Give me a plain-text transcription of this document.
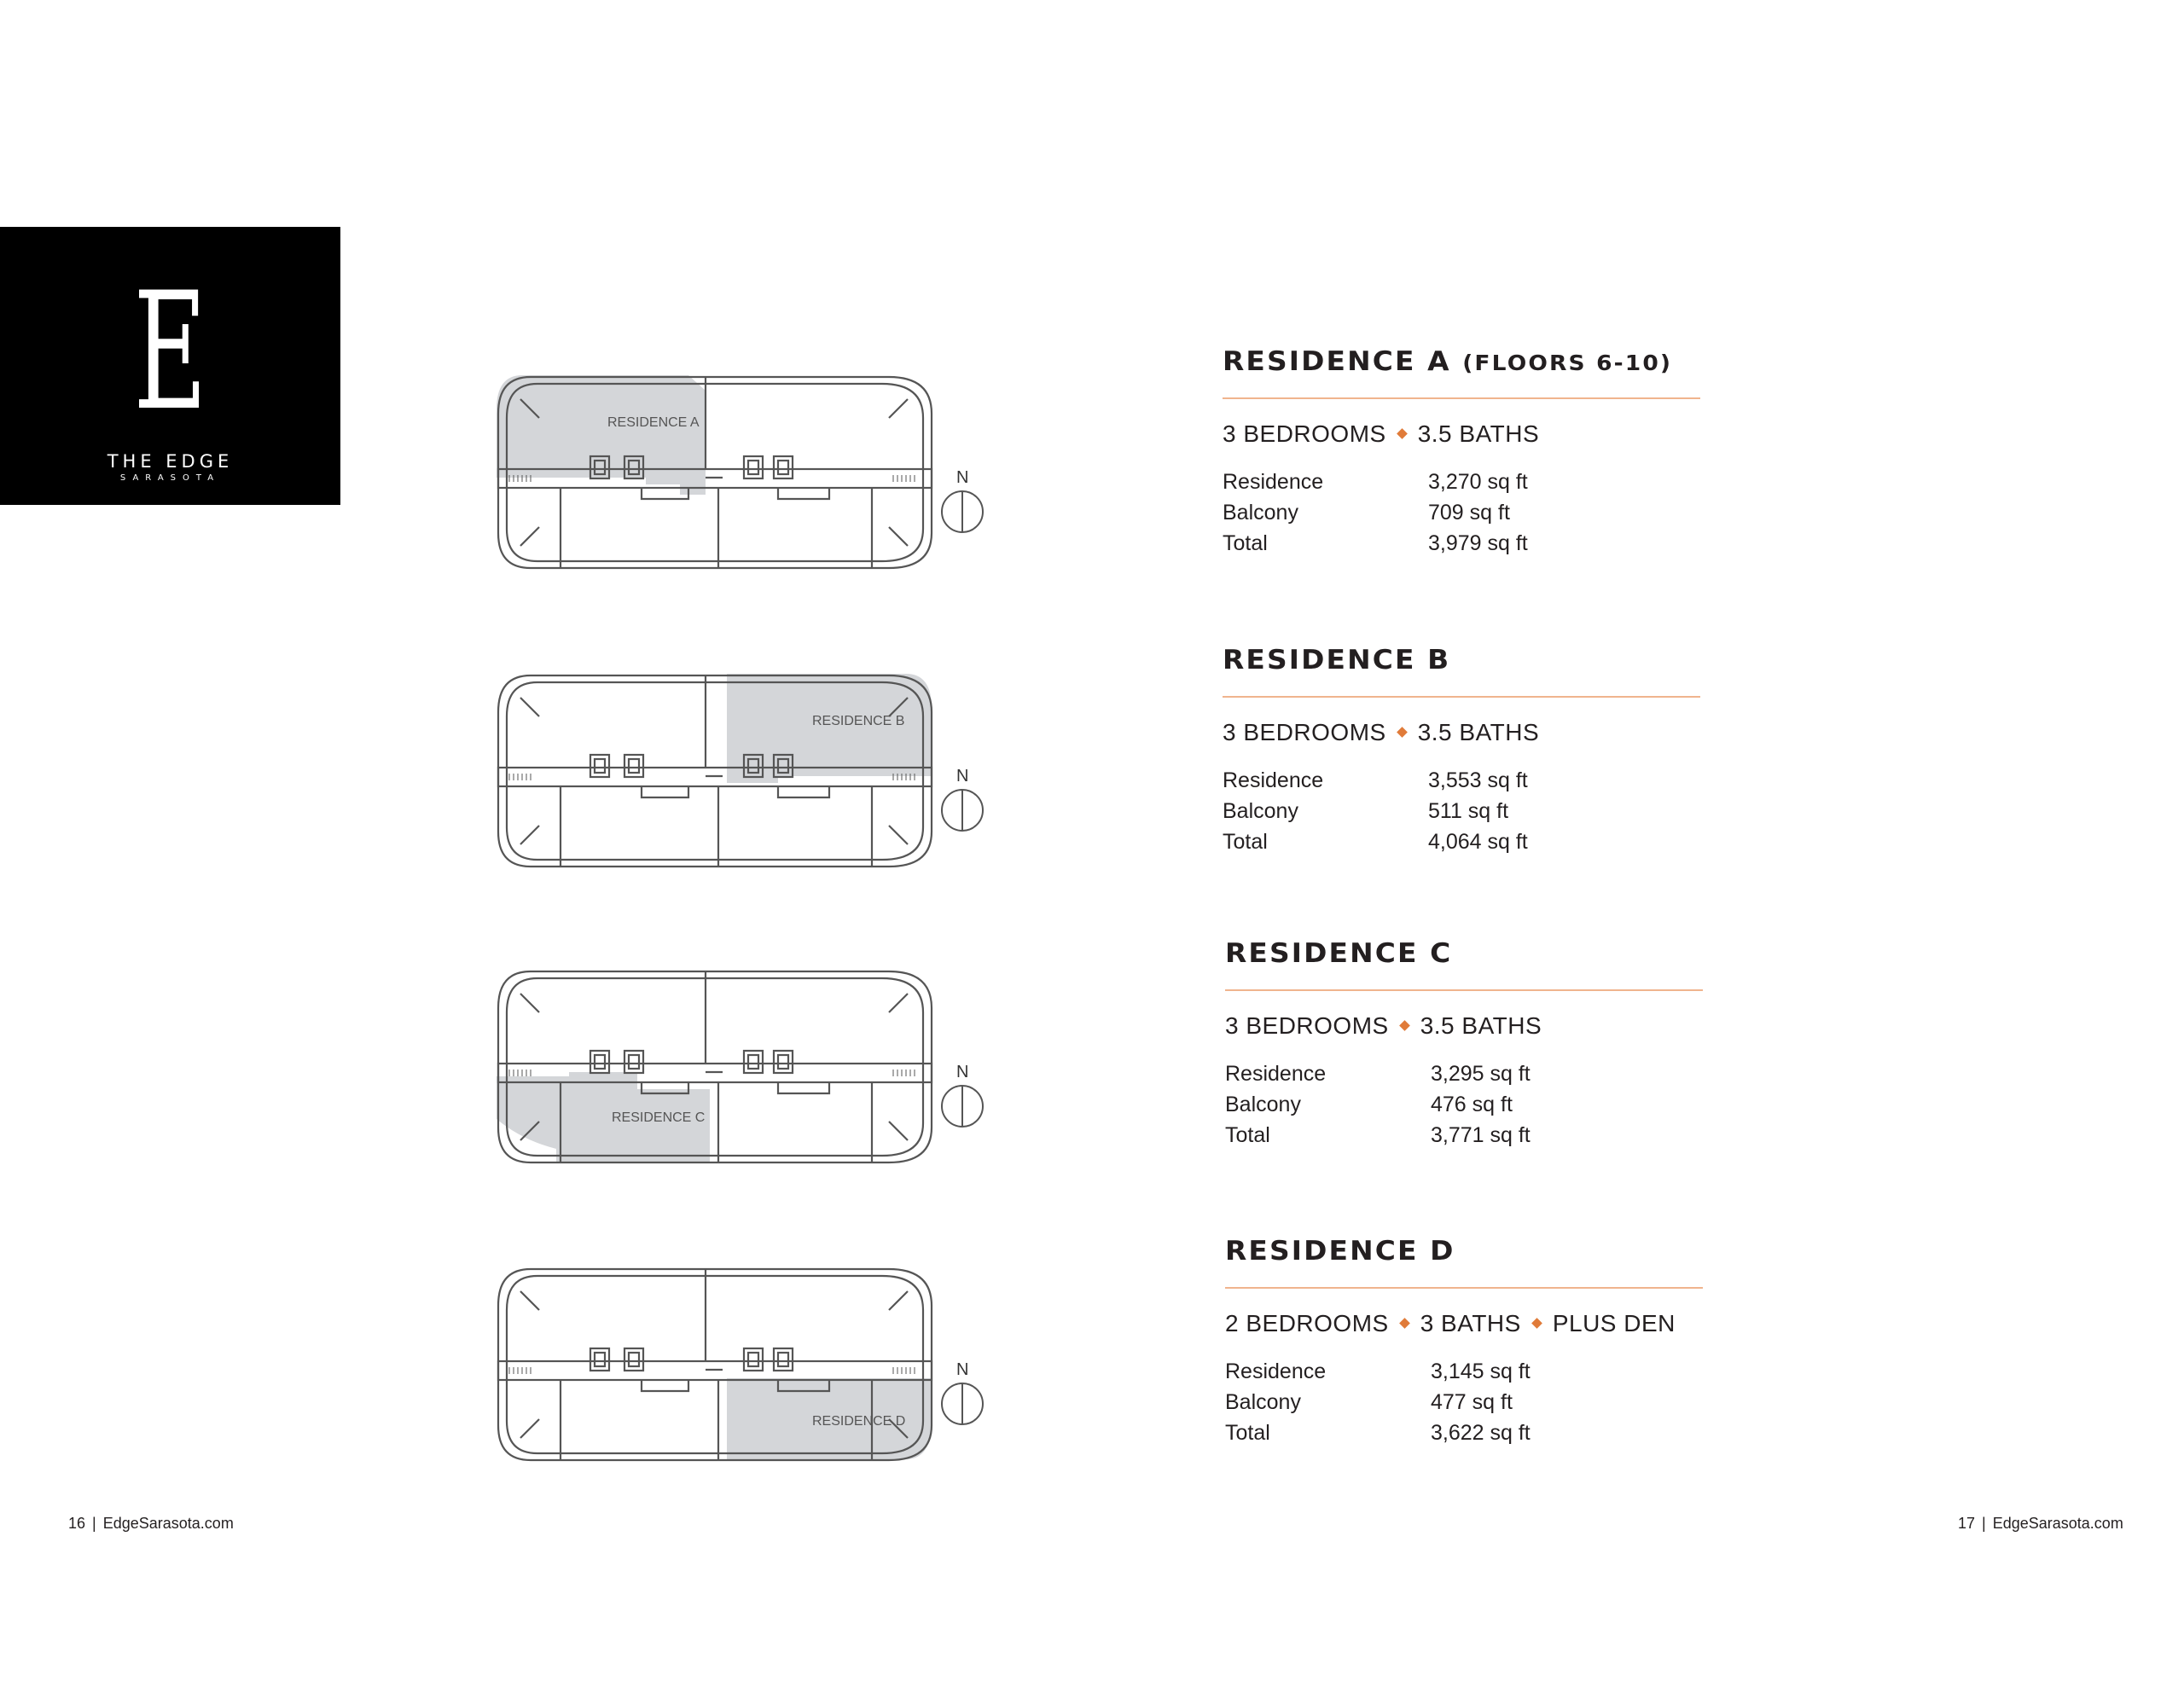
E
THE EDGE
SARASOTA
RESIDENCE A
N
RESIDENCE B
N
RESIDENCE C
N
RESIDENCE D
N
RESIDENCE A (FLOORS 6-10)
3 BEDROOMS 3.5 BATHS
Residence	3,270 sq ft
Balcony	709 sq ft
Total	3,979 sq ft
RESIDENCE B
3 BEDROOMS 3.5 BATHS
Residence	3,553 sq ft
Balcony	511 sq ft
Total	4,064 sq ft
RESIDENCE C
3 BEDROOMS 3.5 BATHS
Residence	3,295 sq ft
Balcony	476 sq ft
Total	3,771 sq ft
RESIDENCE D
2 BEDROOMS 3 BATHS PLUS DEN
Residence	3,145 sq ft
Balcony	477 sq ft
Total	3,622 sq ft
16 | EdgeSarasota.com	17 | EdgeSarasota.com
